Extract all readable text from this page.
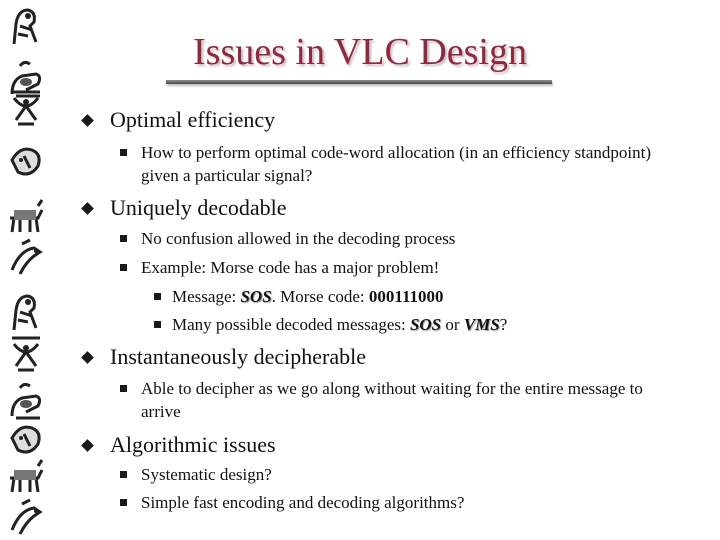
Issues in VLC Design
Optimal efficiency
How to perform optimal code-word allocation (in an efficiency standpoint) given a particular signal?
Uniquely decodable
No confusion allowed in the decoding process
Example: Morse code has a major problem!
Message: SOS. Morse code: 000111000
Many possible decoded messages: SOS or VMS?
Instantaneously decipherable
Able to decipher as we go along without waiting for the entire message to arrive
Algorithmic issues
Systematic design?
Simple fast encoding and decoding algorithms?
